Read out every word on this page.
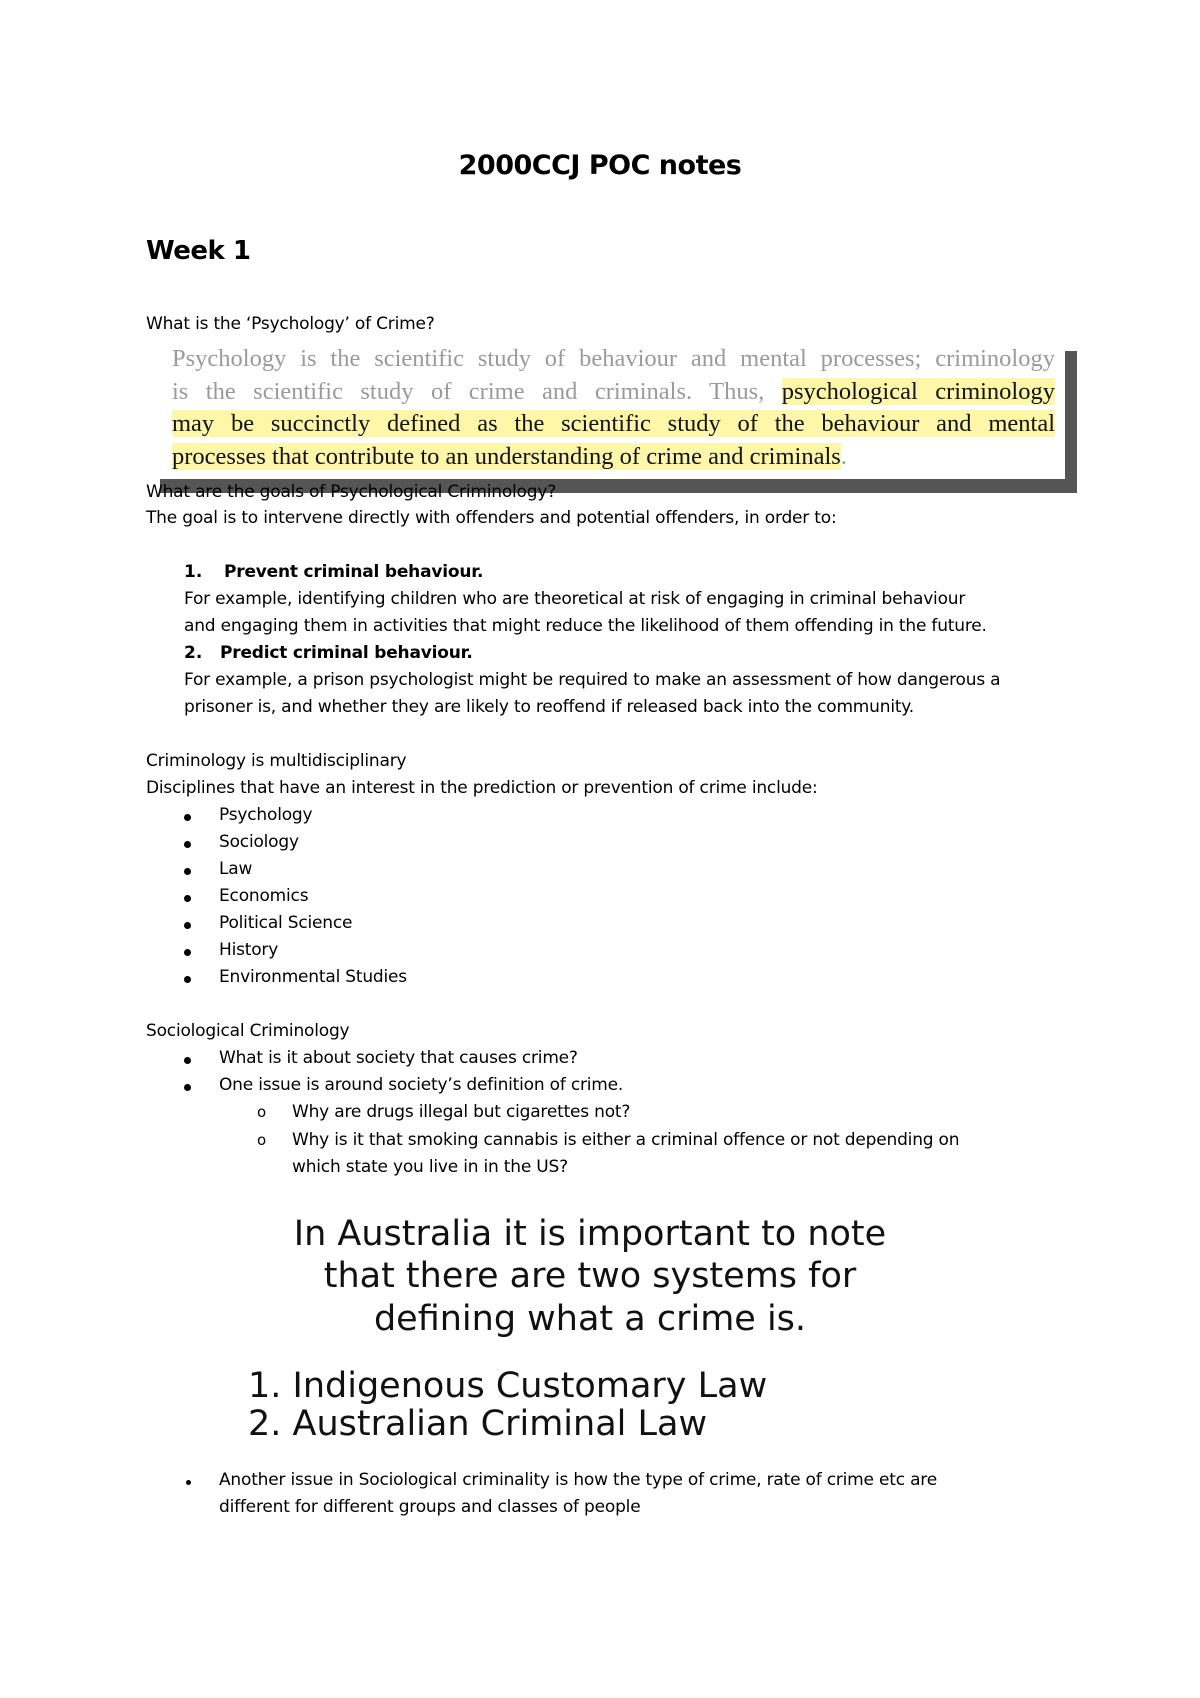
2000CCJ POC notes
Week 1
What is the ‘Psychology’ of Crime?
Psychology is the scientific study of behaviour and mental processes; criminology
is the scientific study of crime and criminals. Thus, psychological criminology
may be succinctly defined as the scientific study of the behaviour and mental
processes that contribute to an understanding of crime and criminals.
What are the goals of Psychological Criminology?
The goal is to intervene directly with offenders and potential offenders, in order to:
1. Prevent criminal behaviour.
For example, identifying children who are theoretical at risk of engaging in criminal behaviour
and engaging them in activities that might reduce the likelihood of them offending in the future.
2. Predict criminal behaviour.
For example, a prison psychologist might be required to make an assessment of how dangerous a
prisoner is, and whether they are likely to reoffend if released back into the community.
Criminology is multidisciplinary
Disciplines that have an interest in the prediction or prevention of crime include:
Psychology
Sociology
Law
Economics
Political Science
History
Environmental Studies
Sociological Criminology
What is it about society that causes crime?
One issue is around society’s definition of crime.
o Why are drugs illegal but cigarettes not?
o Why is it that smoking cannabis is either a criminal offence or not depending on
which state you live in in the US?
In Australia it is important to note
that there are two systems for
defining what a crime is.
1. Indigenous Customary Law
2. Australian Criminal Law
Another issue in Sociological criminality is how the type of crime, rate of crime etc are
different for different groups and classes of people
